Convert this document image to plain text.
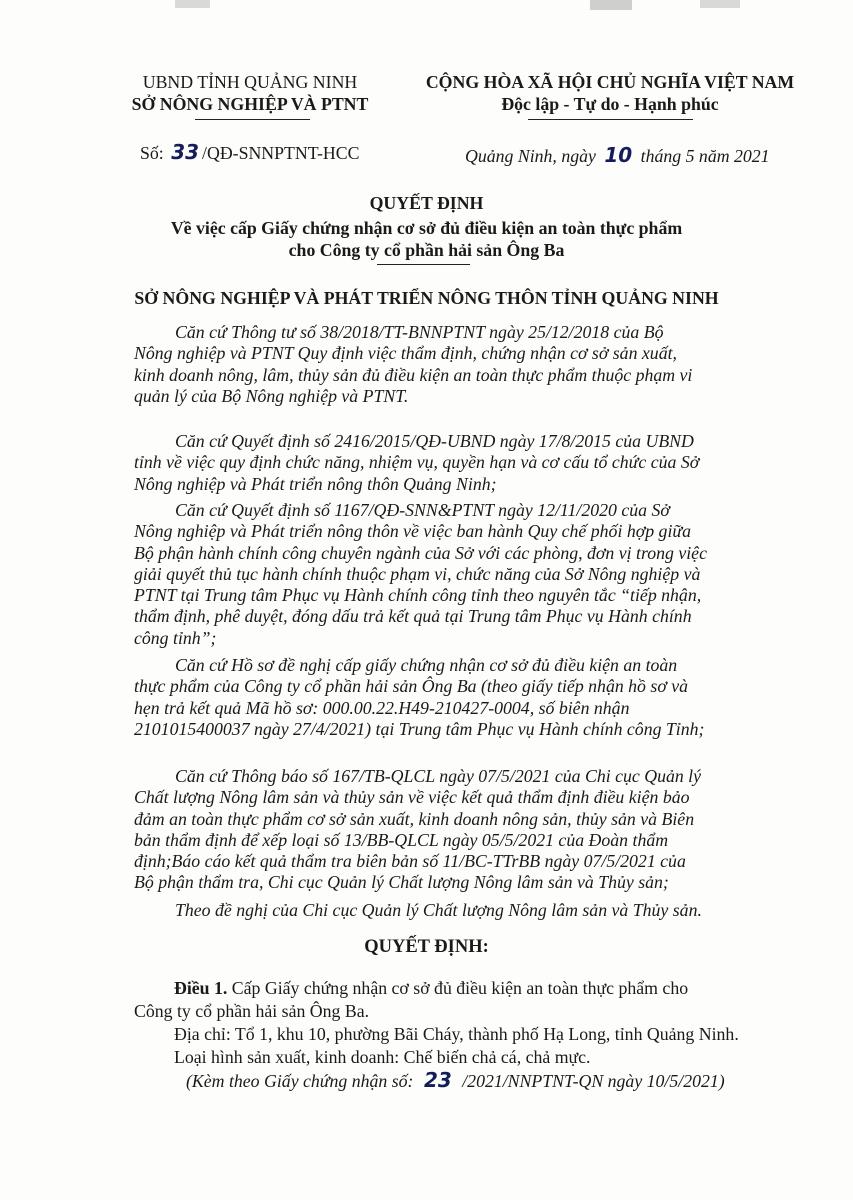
UBND TỈNH QUẢNG NINH
SỞ NÔNG NGHIỆP VÀ PTNT
CỘNG HÒA XÃ HỘI CHỦ NGHĨA VIỆT NAM
Độc lập - Tự do - Hạnh phúc
Số: 33 /QĐ-SNNPTNT-HCC	Quảng Ninh, ngày 10 tháng 5 năm 2021
QUYẾT ĐỊNH
Về việc cấp Giấy chứng nhận cơ sở đủ điều kiện an toàn thực phẩm
cho Công ty cổ phần hải sản Ông Ba
SỞ NÔNG NGHIỆP VÀ PHÁT TRIỂN NÔNG THÔN TỈNH QUẢNG NINH
Căn cứ Thông tư số 38/2018/TT-BNNPTNT ngày 25/12/2018 của Bộ
Nông nghiệp và PTNT Quy định việc thẩm định, chứng nhận cơ sở sản xuất,
kinh doanh nông, lâm, thủy sản đủ điều kiện an toàn thực phẩm thuộc phạm vi
quản lý của Bộ Nông nghiệp và PTNT.
Căn cứ Quyết định số 2416/2015/QĐ-UBND ngày 17/8/2015 của UBND
tỉnh về việc quy định chức năng, nhiệm vụ, quyền hạn và cơ cấu tổ chức của Sở
Nông nghiệp và Phát triển nông thôn Quảng Ninh;
Căn cứ Quyết định số 1167/QĐ-SNN&PTNT ngày 12/11/2020 của Sở
Nông nghiệp và Phát triển nông thôn về việc ban hành Quy chế phối hợp giữa
Bộ phận hành chính công chuyên ngành của Sở với các phòng, đơn vị trong việc
giải quyết thủ tục hành chính thuộc phạm vi, chức năng của Sở Nông nghiệp và
PTNT tại Trung tâm Phục vụ Hành chính công tỉnh theo nguyên tắc “tiếp nhận,
thẩm định, phê duyệt, đóng dấu trả kết quả tại Trung tâm Phục vụ Hành chính
công tỉnh”;
Căn cứ Hồ sơ đề nghị cấp giấy chứng nhận cơ sở đủ điều kiện an toàn
thực phẩm của Công ty cổ phần hải sản Ông Ba (theo giấy tiếp nhận hồ sơ và
hẹn trả kết quả Mã hồ sơ: 000.00.22.H49-210427-0004, số biên nhận
2101015400037 ngày 27/4/2021) tại Trung tâm Phục vụ Hành chính công Tỉnh;
Căn cứ Thông báo số 167/TB-QLCL ngày 07/5/2021 của Chi cục Quản lý
Chất lượng Nông lâm sản và thủy sản về việc kết quả thẩm định điều kiện bảo
đảm an toàn thực phẩm cơ sở sản xuất, kinh doanh nông sản, thủy sản và Biên
bản thẩm định để xếp loại số 13/BB-QLCL ngày 05/5/2021 của Đoàn thẩm
định;Báo cáo kết quả thẩm tra biên bản số 11/BC-TTrBB ngày 07/5/2021 của
Bộ phận thẩm tra, Chi cục Quản lý Chất lượng Nông lâm sản và Thủy sản;
Theo đề nghị của Chi cục Quản lý Chất lượng Nông lâm sản và Thủy sản.
QUYẾT ĐỊNH:
Điều 1. Cấp Giấy chứng nhận cơ sở đủ điều kiện an toàn thực phẩm cho
Công ty cổ phần hải sản Ông Ba.
Địa chỉ: Tổ 1, khu 10, phường Bãi Cháy, thành phố Hạ Long, tỉnh Quảng Ninh.
Loại hình sản xuất, kinh doanh: Chế biến chả cá, chả mực.
(Kèm theo Giấy chứng nhận số: 23 /2021/NNPTNT-QN ngày 10/5/2021)
